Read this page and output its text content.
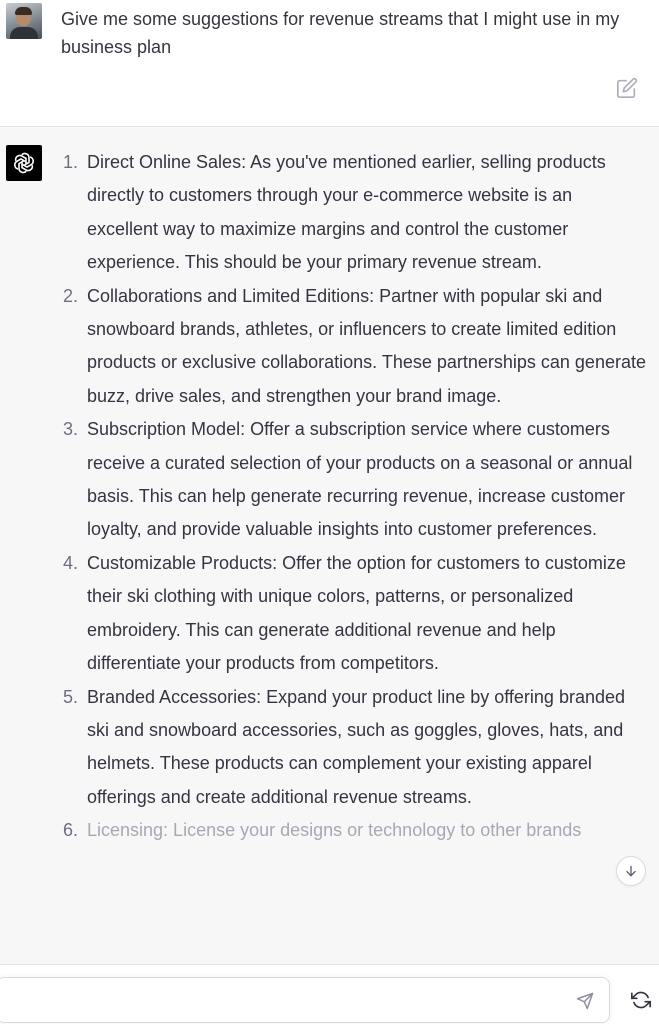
Give me some suggestions for revenue streams that I might use in my business plan
1. Direct Online Sales: As you've mentioned earlier, selling products directly to customers through your e-commerce website is an excellent way to maximize margins and control the customer experience. This should be your primary revenue stream.
2. Collaborations and Limited Editions: Partner with popular ski and snowboard brands, athletes, or influencers to create limited edition products or exclusive collaborations. These partnerships can generate buzz, drive sales, and strengthen your brand image.
3. Subscription Model: Offer a subscription service where customers receive a curated selection of your products on a seasonal or annual basis. This can help generate recurring revenue, increase customer loyalty, and provide valuable insights into customer preferences.
4. Customizable Products: Offer the option for customers to customize their ski clothing with unique colors, patterns, or personalized embroidery. This can generate additional revenue and help differentiate your products from competitors.
5. Branded Accessories: Expand your product line by offering branded ski and snowboard accessories, such as goggles, gloves, hats, and helmets. These products can complement your existing apparel offerings and create additional revenue streams.
6. Licensing: License your designs or technology to other brands
